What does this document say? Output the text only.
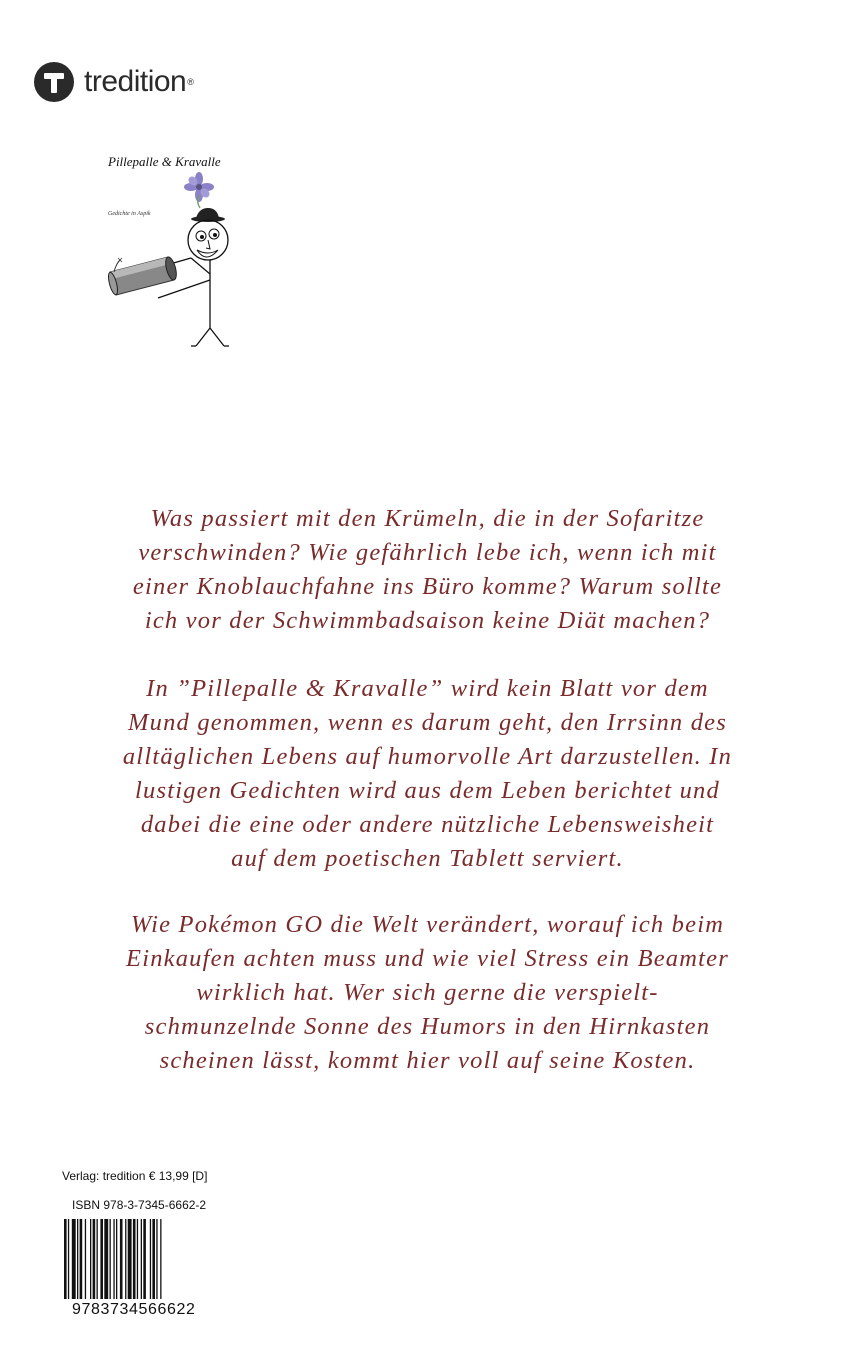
tredition ®
Pillepalle & Kravalle
Gedichte in Aspik
Was passiert mit den Krümeln, die in der Sofaritze
verschwinden? Wie gefährlich lebe ich, wenn ich mit
einer Knoblauchfahne ins Büro komme? Warum sollte
ich vor der Schwimmbadsaison keine Diät machen?
In ”Pillepalle & Kravalle” wird kein Blatt vor dem
Mund genommen, wenn es darum geht, den Irrsinn des
alltäglichen Lebens auf humorvolle Art darzustellen. In
lustigen Gedichten wird aus dem Leben berichtet und
dabei die eine oder andere nützliche Lebensweisheit
auf dem poetischen Tablett serviert.
Wie Pokémon GO die Welt verändert, worauf ich beim
Einkaufen achten muss und wie viel Stress ein Beamter
wirklich hat. Wer sich gerne die verspielt-
schmunzelnde Sonne des Humors in den Hirnkasten
scheinen lässt, kommt hier voll auf seine Kosten.
Verlag: tredition € 13,99 [D]
ISBN 978-3-7345-6662-2
9783734566622
